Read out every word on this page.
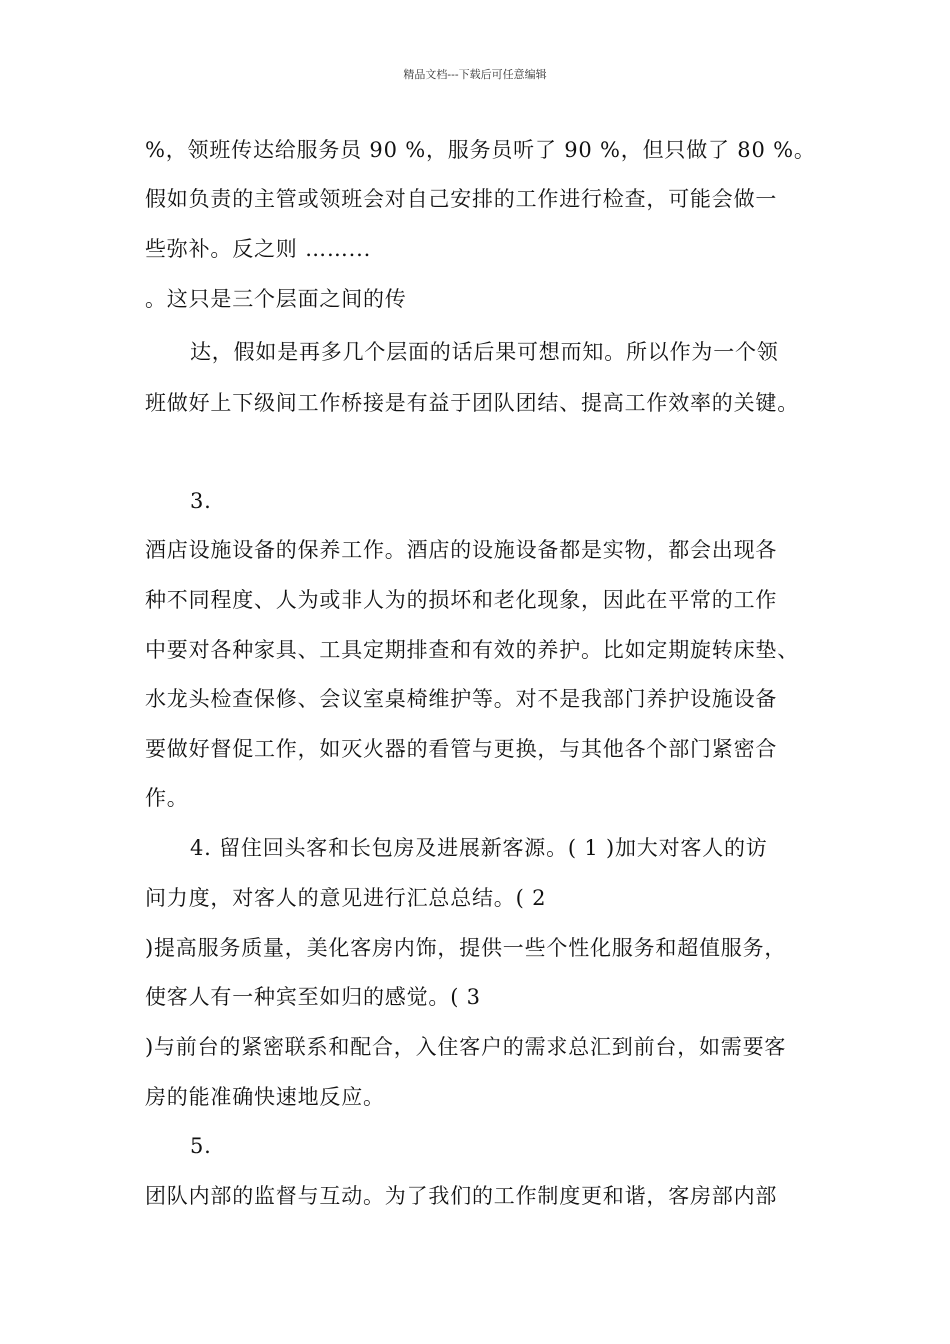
精品文档---下载后可任意编辑
%，领班传达给服务员 90 %，服务员听了 90 %，但只做了 80 %。
假如负责的主管或领班会对自己安排的工作进行检查，可能会做一
些弥补。反之则 ……...
。这只是三个层面之间的传
达，假如是再多几个层面的话后果可想而知。所以作为一个领
班做好上下级间工作桥接是有益于团队团结、提高工作效率的关键。
3.
酒店设施设备的保养工作。酒店的设施设备都是实物，都会出现各
种不同程度、人为或非人为的损坏和老化现象，因此在平常的工作
中要对各种家具、工具定期排查和有效的养护。比如定期旋转床垫、
水龙头检查保修、会议室桌椅维护等。对不是我部门养护设施设备
要做好督促工作，如灭火器的看管与更换，与其他各个部门紧密合
作。
4. 留住回头客和长包房及进展新客源。( 1 )加大对客人的访
问力度，对客人的意见进行汇总总结。( 2
)提高服务质量，美化客房内饰，提供一些个性化服务和超值服务，
使客人有一种宾至如归的感觉。( 3
)与前台的紧密联系和配合，入住客户的需求总汇到前台，如需要客
房的能准确快速地反应。
5.
团队内部的监督与互动。为了我们的工作制度更和谐，客房部内部
